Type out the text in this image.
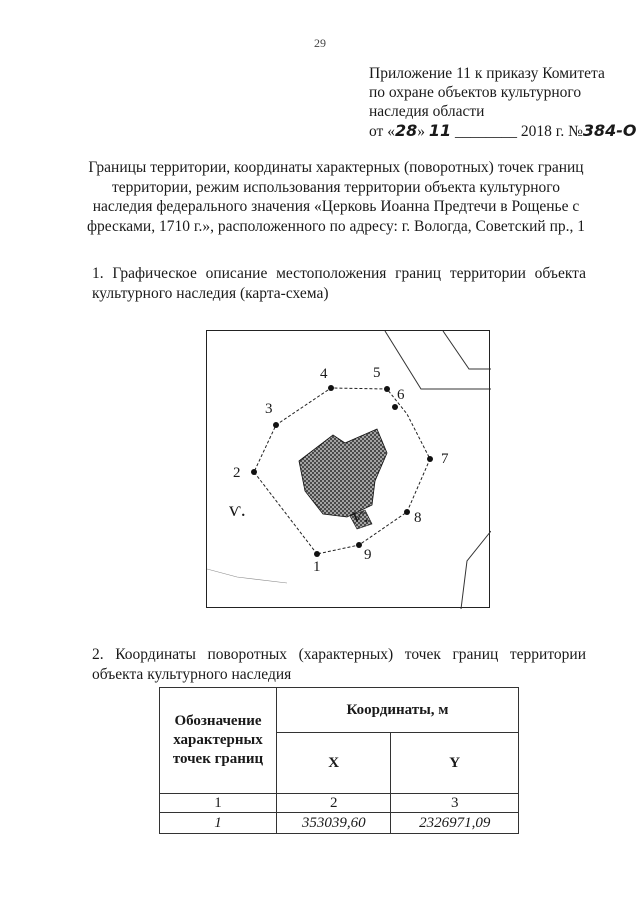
29
Приложение 11 к приказу Комитета
по охране объектов культурного
наследия области
от «28» 11 ________ 2018 г. №384-О
Границы территории, координаты характерных (поворотных) точек границ территории, режим использования территории объекта культурного наследия федерального значения «Церковь Иоанна Предтечи в Рощенье с фресками, 1710 г.», расположенного по адресу: г. Вологда, Советский пр., 1
1. Графическое описание местоположения границ территории объекта культурного наследия (карта-схема)
1
2
3
4	5
6
7
8
9
ѵ.	ѵ.
2. Координаты поворотных (характерных) точек границ территории объекта культурного наследия
Обозначение характерных точек границ	Координаты, м	
	X	Y
1	2	3
1	353039,60	2326971,09
